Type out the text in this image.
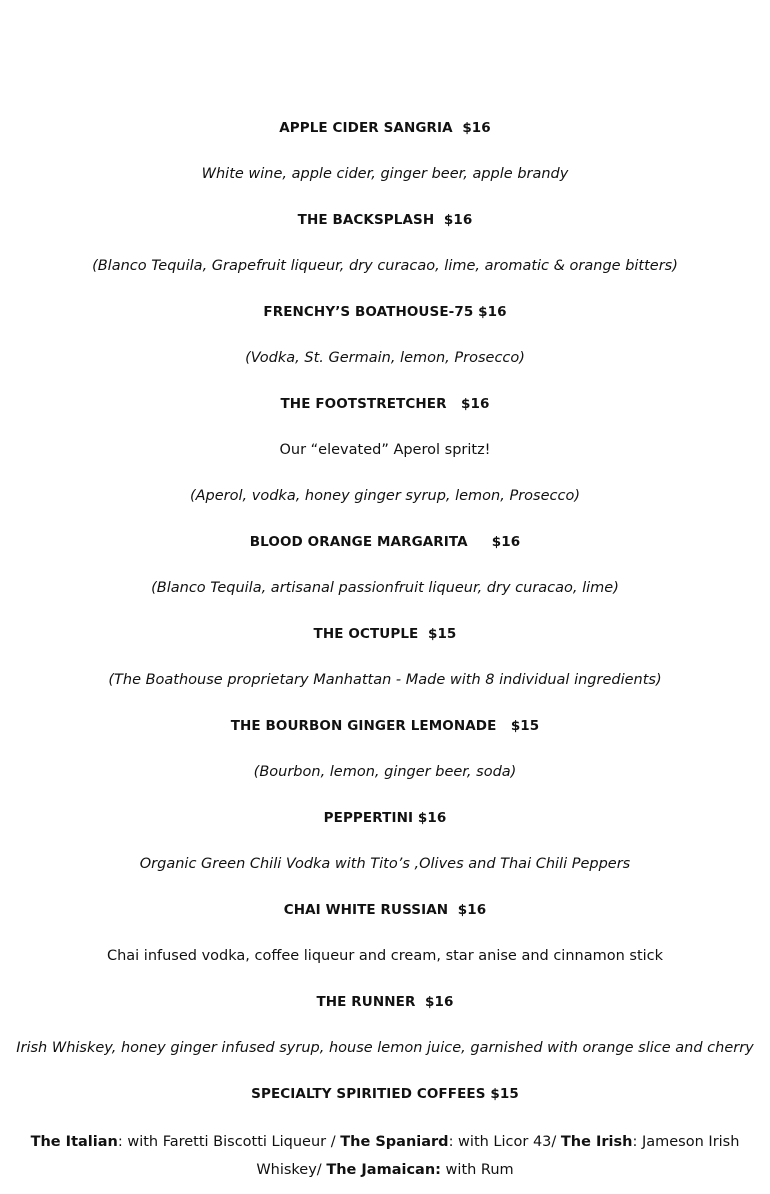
APPLE CIDER SANGRIA  $16
White wine, apple cider, ginger beer, apple brandy
THE BACKSPLASH  $16
(Blanco Tequila, Grapefruit liqueur, dry curacao, lime, aromatic & orange bitters)
FRENCHY’S BOATHOUSE-75 $16
(Vodka, St. Germain, lemon, Prosecco)
THE FOOTSTRETCHER   $16
Our “elevated” Aperol spritz!
(Aperol, vodka, honey ginger syrup, lemon, Prosecco)
BLOOD ORANGE MARGARITA     $16
(Blanco Tequila, artisanal passionfruit liqueur, dry curacao, lime)
THE OCTUPLE  $15
(The Boathouse proprietary Manhattan - Made with 8 individual ingredients)
THE BOURBON GINGER LEMONADE   $15
(Bourbon, lemon, ginger beer, soda)
PEPPERTINI $16
Organic Green Chili Vodka with Tito’s ,Olives and Thai Chili Peppers
CHAI WHITE RUSSIAN  $16
Chai infused vodka, coffee liqueur and cream, star anise and cinnamon stick
THE RUNNER  $16
Irish Whiskey, honey ginger infused syrup, house lemon juice, garnished with orange slice and cherry
SPECIALTY SPIRITIED COFFEES $15
The Italian: with Faretti Biscotti Liqueur / The Spaniard: with Licor 43/ The Irish: Jameson Irish Whiskey/ The Jamaican: with Rum
